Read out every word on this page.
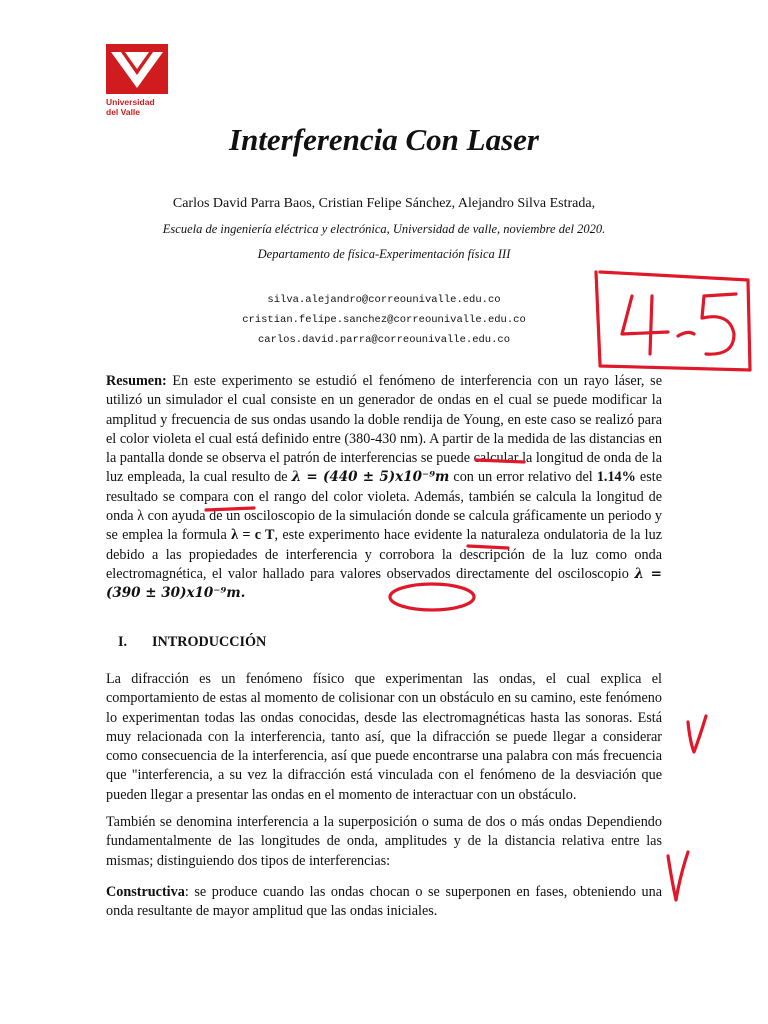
Universidad
del Valle
Interferencia Con Laser
Carlos David Parra Baos, Cristian Felipe Sánchez, Alejandro Silva Estrada,
Escuela de ingeniería eléctrica y electrónica, Universidad de valle, noviembre del 2020.
Departamento de física-Experimentación física III
silva.alejandro@correounivalle.edu.co
cristian.felipe.sanchez@correounivalle.edu.co
carlos.david.parra@correounivalle.edu.co
Resumen: En este experimento se estudió el fenómeno de interferencia con un rayo láser, se utilizó un simulador el cual consiste en un generador de ondas en el cual se puede modificar la amplitud y frecuencia de sus ondas usando la doble rendija de Young, en este caso se realizó para el color violeta el cual está definido entre (380-430 nm). A partir de la medida de las distancias en la pantalla donde se observa el patrón de interferencias se puede calcular la longitud de onda de la luz empleada, la cual resulto de λ = (440 ± 5)x10⁻⁹m con un error relativo del 1.14% este resultado se compara con el rango del color violeta. Además, también se calcula la longitud de onda λ con ayuda de un osciloscopio de la simulación donde se calcula gráficamente un periodo y se emplea la formula λ = c T, este experimento hace evidente la naturaleza ondulatoria de la luz debido a las propiedades de interferencia y corrobora la descripción de la luz como onda electromagnética, el valor hallado para valores observados directamente del osciloscopio λ = (390 ± 30)x10⁻⁹m.
I. INTRODUCCIÓN
La difracción es un fenómeno físico que experimentan las ondas, el cual explica el comportamiento de estas al momento de colisionar con un obstáculo en su camino, este fenómeno lo experimentan todas las ondas conocidas, desde las electromagnéticas hasta las sonoras. Está muy relacionada con la interferencia, tanto así, que la difracción se puede llegar a considerar como consecuencia de la interferencia, así que puede encontrarse una palabra con más frecuencia que "interferencia, a su vez la difracción está vinculada con el fenómeno de la desviación que pueden llegar a presentar las ondas en el momento de interactuar con un obstáculo.
También se denomina interferencia a la superposición o suma de dos o más ondas Dependiendo fundamentalmente de las longitudes de onda, amplitudes y de la distancia relativa entre las mismas; distinguiendo dos tipos de interferencias:
Constructiva: se produce cuando las ondas chocan o se superponen en fases, obteniendo una onda resultante de mayor amplitud que las ondas iniciales.
